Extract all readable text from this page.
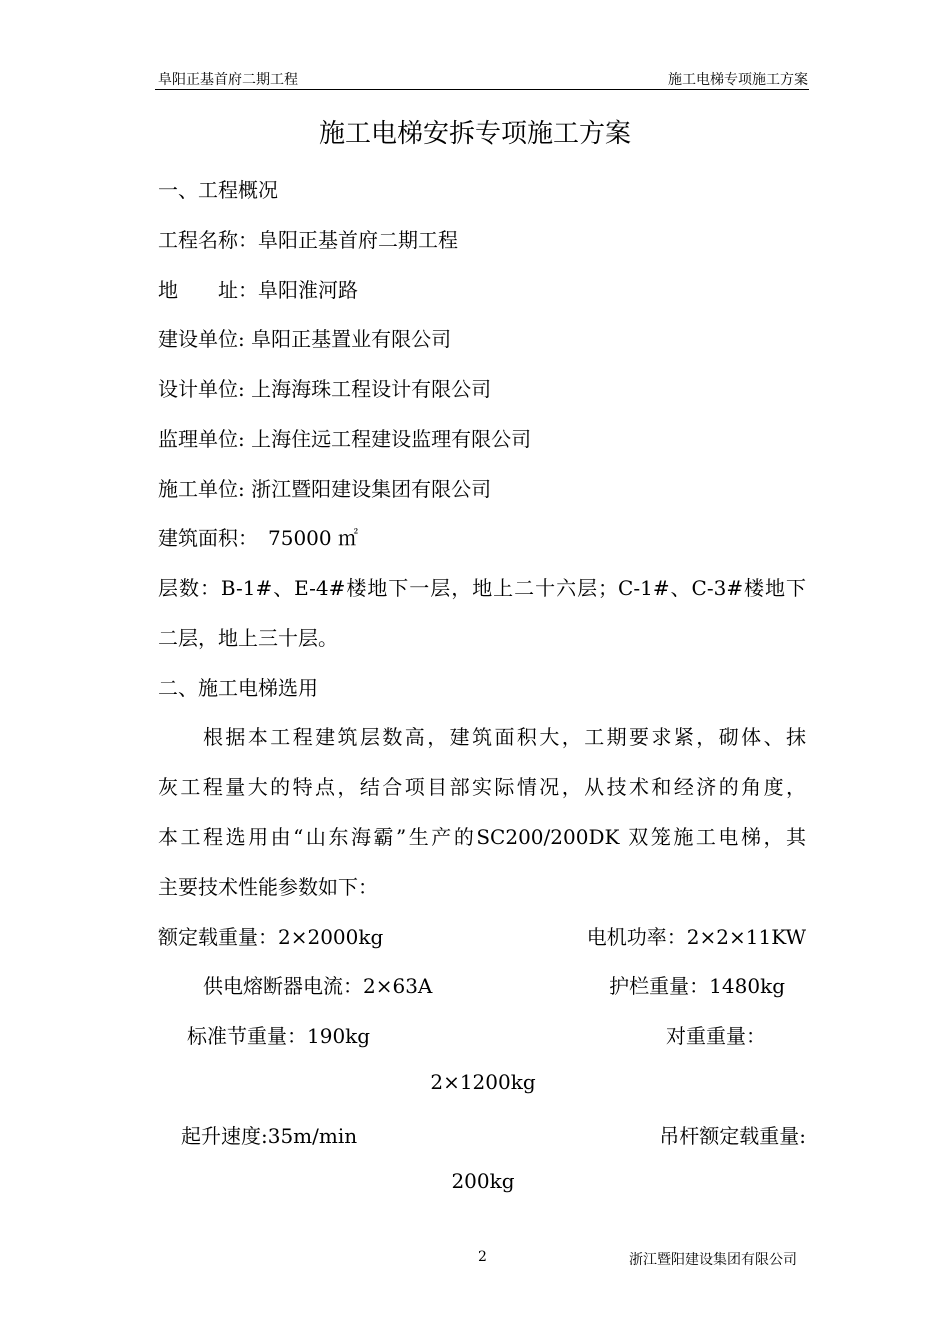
阜阳正基首府二期工程	施工电梯专项施工方案
施工电梯安拆专项施工方案
一、工程概况
工程名称：阜阳正基首府二期工程
地　　址：阜阳淮河路
建设单位: 阜阳正基置业有限公司
设计单位: 上海海珠工程设计有限公司
监理单位: 上海住远工程建设监理有限公司
施工单位: 浙江暨阳建设集团有限公司
建筑面积：　75000 ㎡
层数：B-1#、E-4#楼地下一层，地上二十六层；C-1#、C-3#楼地下
二层，地上三十层。
二、施工电梯选用
根据本工程建筑层数高，建筑面积大，工期要求紧，砌体、抹
灰工程量大的特点，结合项目部实际情况，从技术和经济的角度，
本工程选用由“山东海霸”生产的SC200/200DK 双笼施工电梯，其
主要技术性能参数如下：
额定载重量：2×2000kg	电机功率：2×2×11KW
供电熔断器电流：2×63A	护栏重量：1480kg
标准节重量：190kg	对重重量：
2×1200kg
起升速度:35m/min	吊杆额定载重量:
200kg
2	浙江暨阳建设集团有限公司
